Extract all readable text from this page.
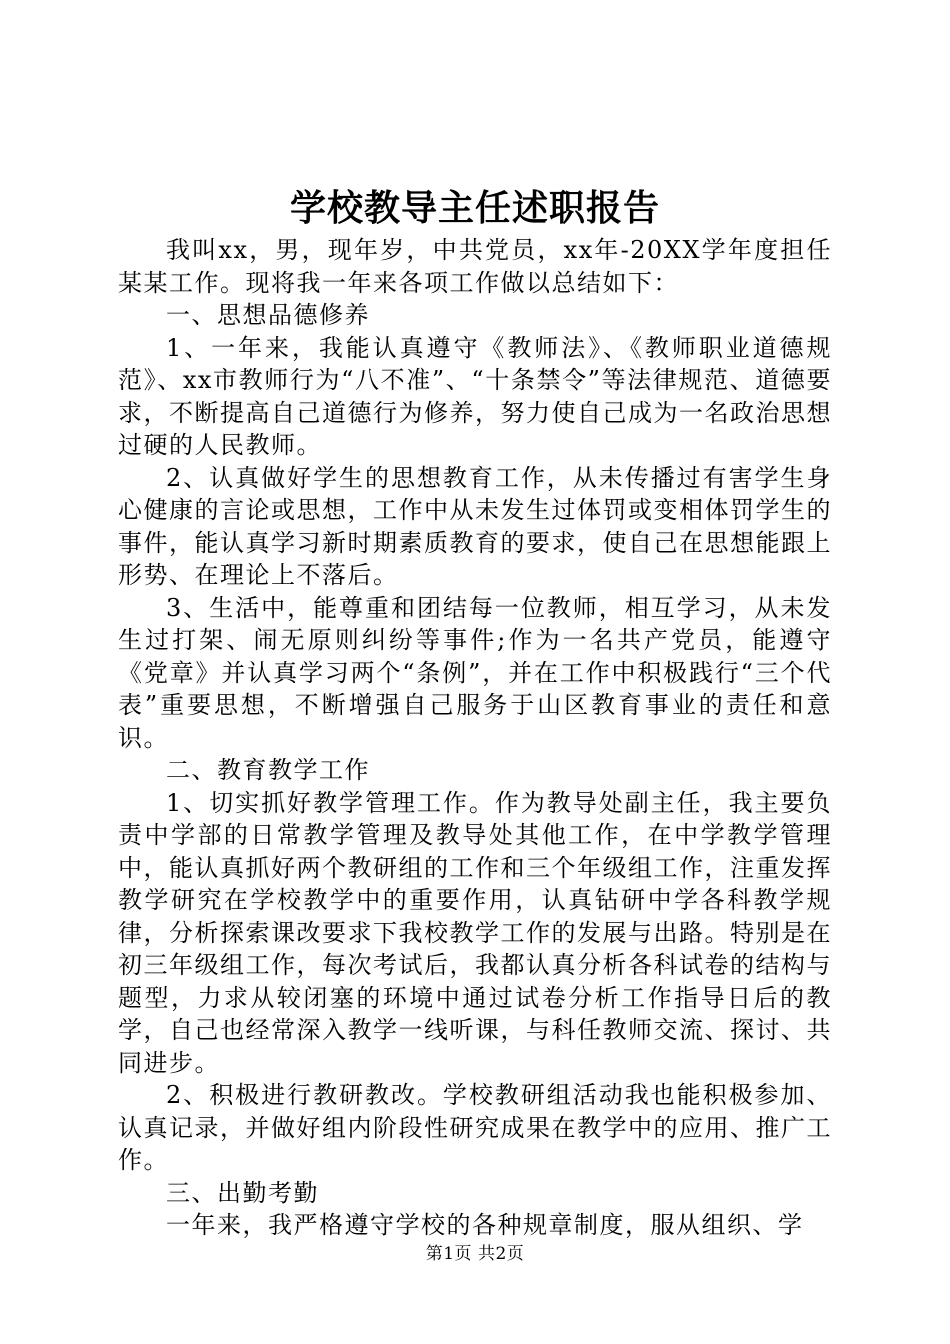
学校教导主任述职报告

我叫xx，男，现年岁，中共党员，xx年-20XX学年度担任某某工作。现将我一年来各项工作做以总结如下：

一、思想品德修养

1、一年来，我能认真遵守《教师法》、《教师职业道德规范》、xx市教师行为“八不准”、“十条禁令”等法律规范、道德要求，不断提高自己道德行为修养，努力使自己成为一名政治思想过硬的人民教师。

2、认真做好学生的思想教育工作，从未传播过有害学生身心健康的言论或思想，工作中从未发生过体罚或变相体罚学生的事件，能认真学习新时期素质教育的要求，使自己在思想能跟上形势、在理论上不落后。

3、生活中，能尊重和团结每一位教师，相互学习，从未发生过打架、闹无原则纠纷等事件;作为一名共产党员，能遵守《党章》并认真学习两个“条例”，并在工作中积极践行“三个代表”重要思想，不断增强自己服务于山区教育事业的责任和意识。

二、教育教学工作

1、切实抓好教学管理工作。作为教导处副主任，我主要负责中学部的日常教学管理及教导处其他工作，在中学教学管理中，能认真抓好两个教研组的工作和三个年级组工作，注重发挥教学研究在学校教学中的重要作用，认真钻研中学各科教学规律，分析探索课改要求下我校教学工作的发展与出路。特别是在初三年级组工作，每次考试后，我都认真分析各科试卷的结构与题型，力求从较闭塞的环境中通过试卷分析工作指导日后的教学，自己也经常深入教学一线听课，与科任教师交流、探讨、共同进步。

2、积极进行教研教改。学校教研组活动我也能积极参加、认真记录，并做好组内阶段性研究成果在教学中的应用、推广工作。

三、出勤考勤

一年来，我严格遵守学校的各种规章制度，服从组织、学

第1页 共2页
